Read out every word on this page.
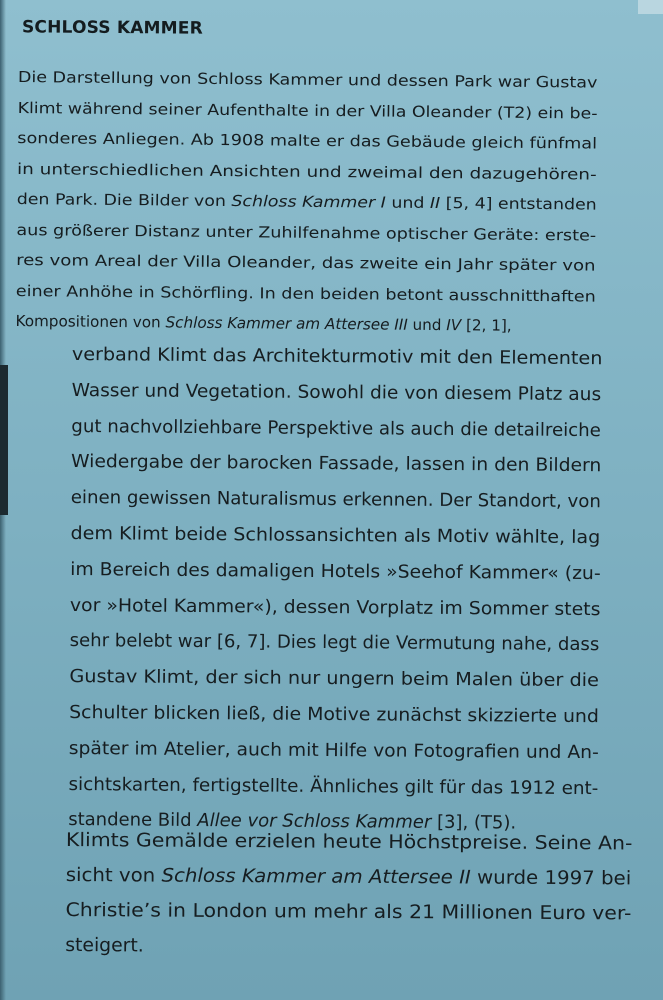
SCHLOSS KAMMER
Die Darstellung von Schloss Kammer und dessen Park war Gustav
Klimt während seiner Aufenthalte in der Villa Oleander (T2) ein be-
sonderes Anliegen. Ab 1908 malte er das Gebäude gleich fünfmal
in unterschiedlichen Ansichten und zweimal den dazugehören-
den Park. Die Bilder von Schloss Kammer I und II [5, 4] entstanden
aus größerer Distanz unter Zuhilfenahme optischer Geräte: erste-
res vom Areal der Villa Oleander, das zweite ein Jahr später von
einer Anhöhe in Schörfling. In den beiden betont ausschnitthaften
Kompositionen von Schloss Kammer am Attersee III und IV [2, 1],
verband Klimt das Architekturmotiv mit den Elementen
Wasser und Vegetation. Sowohl die von diesem Platz aus
gut nachvollziehbare Perspektive als auch die detailreiche
Wiedergabe der barocken Fassade, lassen in den Bildern
einen gewissen Naturalismus erkennen. Der Standort, von
dem Klimt beide Schlossansichten als Motiv wählte, lag
im Bereich des damaligen Hotels »Seehof Kammer« (zu-
vor »Hotel Kammer«), dessen Vorplatz im Sommer stets
sehr belebt war [6, 7]. Dies legt die Vermutung nahe, dass
Gustav Klimt, der sich nur ungern beim Malen über die
Schulter blicken ließ, die Motive zunächst skizzierte und
später im Atelier, auch mit Hilfe von Fotografien und An-
sichtskarten, fertigstellte. Ähnliches gilt für das 1912 ent-
standene Bild Allee vor Schloss Kammer [3], (T5).
Klimts Gemälde erzielen heute Höchstpreise. Seine An-
sicht von Schloss Kammer am Attersee II wurde 1997 bei
Christie’s in London um mehr als 21 Millionen Euro ver-
steigert.
